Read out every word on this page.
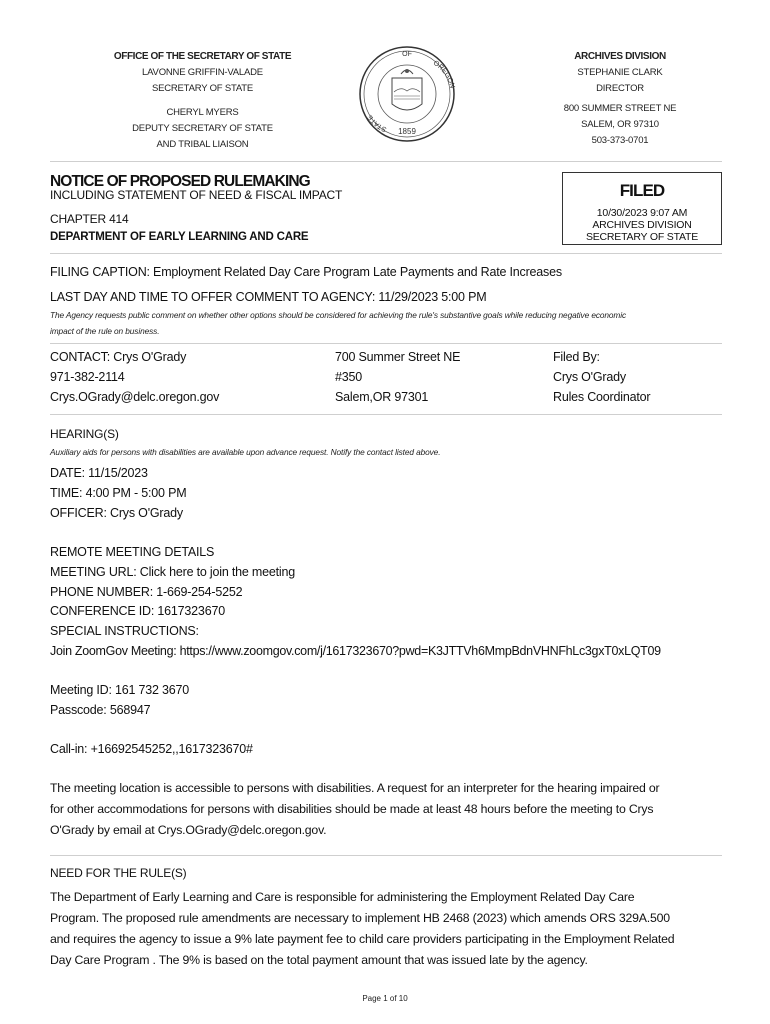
OFFICE OF THE SECRETARY OF STATE
LAVONNE GRIFFIN-VALADE
SECRETARY OF STATE
CHERYL MYERS
DEPUTY SECRETARY OF STATE
AND TRIBAL LIAISON
OF
STATE
OREGON
1859
ARCHIVES DIVISION
STEPHANIE CLARK
DIRECTOR
800 SUMMER STREET NE
SALEM, OR 97310
503-373-0701
NOTICE OF PROPOSED RULEMAKING
INCLUDING STATEMENT OF NEED & FISCAL IMPACT
CHAPTER 414
DEPARTMENT OF EARLY LEARNING AND CARE
FILED
10/30/2023 9:07 AM
ARCHIVES DIVISION
SECRETARY OF STATE
FILING CAPTION: Employment Related Day Care Program Late Payments and Rate Increases
LAST DAY AND TIME TO OFFER COMMENT TO AGENCY: 11/29/2023 5:00 PM
The Agency requests public comment on whether other options should be considered for achieving the rule's substantive goals while reducing negative economic
impact of the rule on business.
CONTACT: Crys O'Grady
971-382-2114
Crys.OGrady@delc.oregon.gov
700 Summer Street NE
#350
Salem,OR 97301
Filed By:
Crys O'Grady
Rules Coordinator
HEARING(S)
Auxiliary aids for persons with disabilities are available upon advance request. Notify the contact listed above.
DATE: 11/15/2023
TIME: 4:00 PM - 5:00 PM
OFFICER: Crys O'Grady
REMOTE MEETING DETAILS
MEETING URL: Click here to join the meeting
PHONE NUMBER: 1-669-254-5252
CONFERENCE ID: 1617323670
SPECIAL INSTRUCTIONS:
Join ZoomGov Meeting: https://www.zoomgov.com/j/1617323670?pwd=K3JTTVh6MmpBdnVHNFhLc3gxT0xLQT09
Meeting ID: 161 732 3670
Passcode: 568947
Call-in: +16692545252,,1617323670#
The meeting location is accessible to persons with disabilities. A request for an interpreter for the hearing impaired or
for other accommodations for persons with disabilities should be made at least 48 hours before the meeting to Crys
O'Grady by email at Crys.OGrady@delc.oregon.gov.
NEED FOR THE RULE(S)
The Department of Early Learning and Care is responsible for administering the Employment Related Day Care
Program. The proposed rule amendments are necessary to implement HB 2468 (2023) which amends ORS 329A.500
and requires the agency to issue a 9% late payment fee to child care providers participating in the Employment Related
Day Care Program . The 9% is based on the total payment amount that was issued late by the agency.
Page 1 of 10
